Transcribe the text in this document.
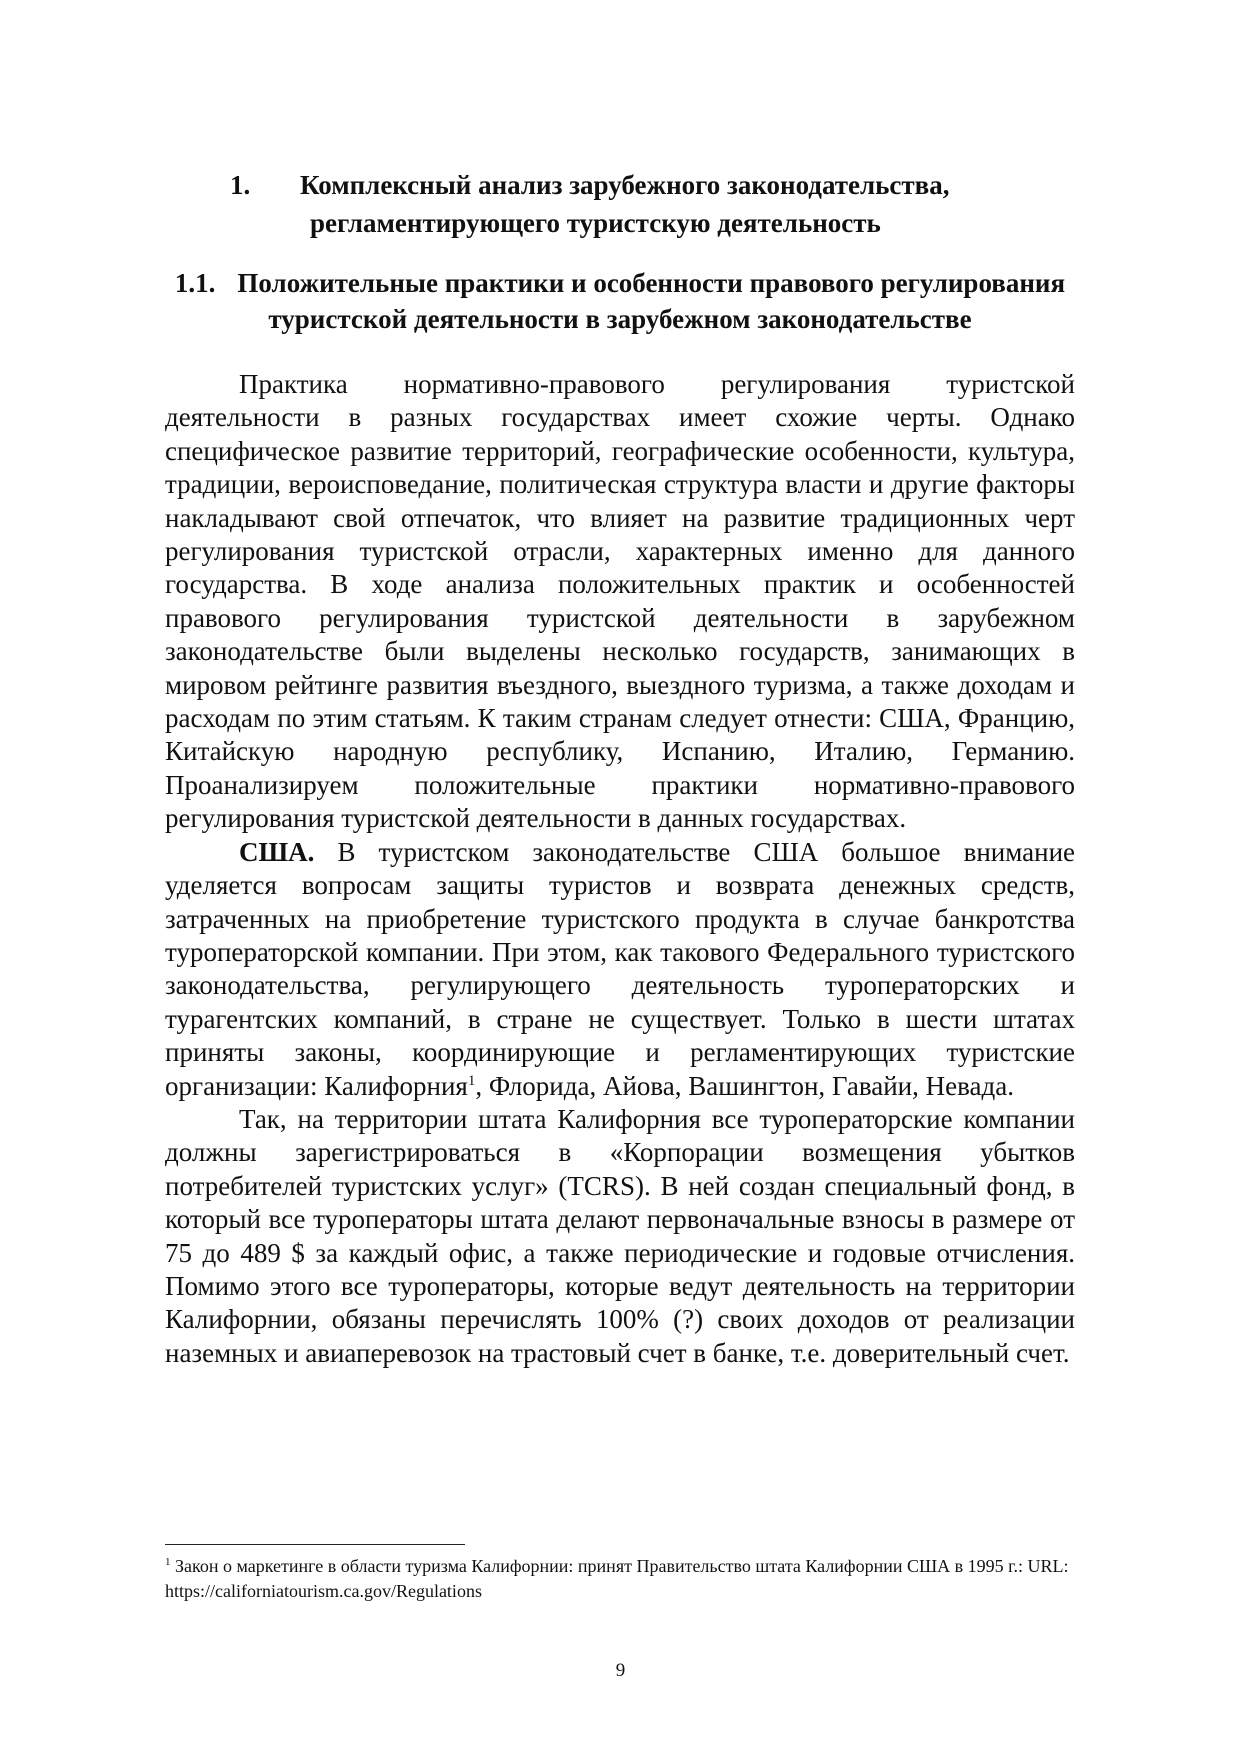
1. Комплексный анализ зарубежного законодательства,
регламентирующего туристскую деятельность
1.1. Положительные практики и особенности правового регулирования туристской деятельности в зарубежном законодательстве

Практика нормативно-правового регулирования туристской деятельности в разных государствах имеет схожие черты. Однако специфическое развитие территорий, географические особенности, культура, традиции, вероисповедание, политическая структура власти и другие факторы накладывают свой отпечаток, что влияет на развитие традиционных черт регулирования туристской отрасли, характерных именно для данного государства. В ходе анализа положительных практик и особенностей правового регулирования туристской деятельности в зарубежном законодательстве были выделены несколько государств, занимающих в мировом рейтинге развития въездного, выездного туризма, а также доходам и расходам по этим статьям. К таким странам следует отнести: США, Францию, Китайскую народную республику, Испанию, Италию, Германию. Проанализируем положительные практики нормативно-правового регулирования туристской деятельности в данных государствах.

США. В туристском законодательстве США большое внимание уделяется вопросам защиты туристов и возврата денежных средств, затраченных на приобретение туристского продукта в случае банкротства туроператорской компании. При этом, как такового Федерального туристского законодательства, регулирующего деятельность туроператорских и турагентских компаний, в стране не существует. Только в шести штатах приняты законы, координирующие и регламентирующих туристские организации: Калифорния$^1$, Флорида, Айова, Вашингтон, Гавайи, Невада.

Так, на территории штата Калифорния все туроператорские компании должны зарегистрироваться в «Корпорации возмещения убытков потребителей туристских услуг» (TCRS). В ней создан специальный фонд, в который все туроператоры штата делают первоначальные взносы в размере от 75 до 489 $ за каждый офис, а также периодические и годовые отчисления. Помимо этого все туроператоры, которые ведут деятельность на территории Калифорнии, обязаны перечислять 100% (?) своих доходов от реализации наземных и авиаперевозок на трастовый счет в банке, т.е. доверительный счет.

$^1$ Закон о маркетинге в области туризма Калифорнии: принят Правительство штата Калифорнии США в 1995 г.: URL: https://californiatourism.ca.gov/Regulations
9
